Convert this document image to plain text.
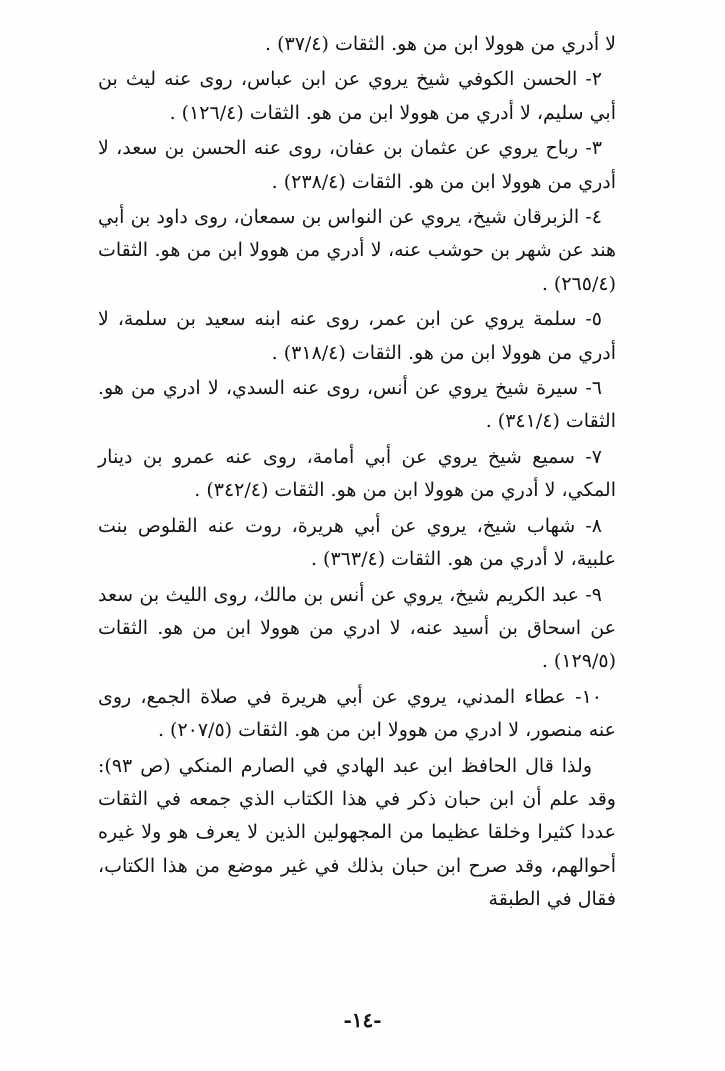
لا أدري من هوولا ابن من هو. الثقات (٣٧/٤) .

٢- الحسن الكوفي شيخ يروي عن ابن عباس، روى عنه ليث بن أبي سليم، لا أدري من هوولا ابن من هو. الثقات (١٢٦/٤) .

٣- رباح يروي عن عثمان بن عفان، روى عنه الحسن بن سعد، لا أدري من هوولا ابن من هو. الثقات (٢٣٨/٤) .

٤- الزبرقان شيخ، يروي عن النواس بن سمعان، روى داود بن أبي هند عن شهر بن حوشب عنه، لا أدري من هوولا ابن من هو. الثقات (٢٦٥/٤) .

٥- سلمة يروي عن ابن عمر، روى عنه ابنه سعيد بن سلمة، لا أدري من هوولا ابن من هو. الثقات (٣١٨/٤) .

٦- سيرة شيخ يروي عن أنس، روى عنه السدي، لا ادري من هو. الثقات (٣٤١/٤) .

٧- سميع شيخ يروي عن أبي أمامة، روى عنه عمرو بن دينار المكي، لا أدري من هوولا ابن من هو. الثقات (٣٤٢/٤) .

٨- شهاب شيخ، يروي عن أبي هريرة، روت عنه القلوص بنت علبية، لا أدري من هو. الثقات (٣٦٣/٤) .

٩- عبد الكريم شيخ، يروي عن أنس بن مالك، روى الليث بن سعد عن اسحاق بن أسيد عنه، لا ادري من هوولا ابن من هو. الثقات (١٢٩/٥) .

١٠- عطاء المدني، يروي عن أبي هريرة في صلاة الجمع، روى عنه منصور، لا ادري من هوولا ابن من هو. الثقات (٢٠٧/٥) .

ولذا قال الحافظ ابن عبد الهادي في الصارم المنكي (ص ٩٣): وقد علم أن ابن حبان ذكر في هذا الكتاب الذي جمعه في الثقات عددا كثيرا وخلقا عظيما من المجهولين الذين لا يعرف هو ولا غيره أحوالهم، وقد صرح ابن حبان بذلك في غير موضع من هذا الكتاب، فقال في الطبقة

-١٤-
